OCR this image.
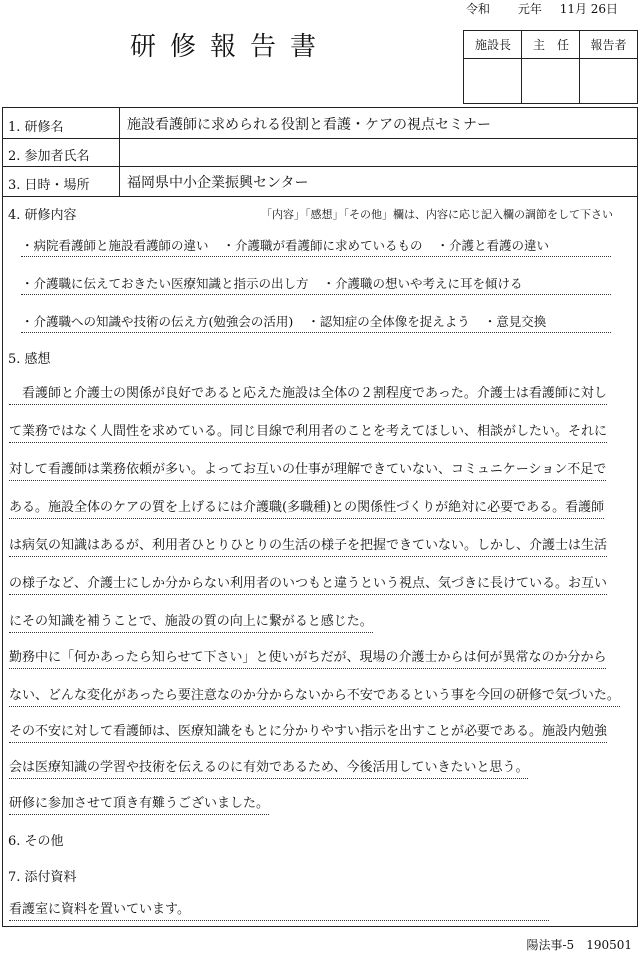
令和 元年 11月 26日
研修報告書	施設長	主　任	報告者
1. 研修名	施設看護師に求められる役割と看護・ケアの視点セミナー
2. 参加者氏名
3. 日時・場所	福岡県中小企業振興センター
4. 研修内容	「内容」「感想」「その他」欄は、内容に応じ記入欄の調節をして下さい
・病院看護師と施設看護師の違い ・介護職が看護師に求めているもの ・介護と看護の違い
・介護職に伝えておきたい医療知識と指示の出し方 ・介護職の想いや考えに耳を傾ける
・介護職への知識や技術の伝え方(勉強会の活用) ・認知症の全体像を捉えよう ・意見交換
5. 感想
　看護師と介護士の関係が良好であると応えた施設は全体の２割程度であった。介護士は看護師に対し
て業務ではなく人間性を求めている。同じ目線で利用者のことを考えてほしい、相談がしたい。それに
対して看護師は業務依頼が多い。よってお互いの仕事が理解できていない、コミュニケーション不足で
ある。施設全体のケアの質を上げるには介護職(多職種)との関係性づくりが絶対に必要である。看護師
は病気の知識はあるが、利用者ひとりひとりの生活の様子を把握できていない。しかし、介護士は生活
の様子など、介護士にしか分からない利用者のいつもと違うという視点、気づきに長けている。お互い
にその知識を補うことで、施設の質の向上に繋がると感じた。
勤務中に「何かあったら知らせて下さい」と使いがちだが、現場の介護士からは何が異常なのか分から
ない、どんな変化があったら要注意なのか分からないから不安であるという事を今回の研修で気づいた。
その不安に対して看護師は、医療知識をもとに分かりやすい指示を出すことが必要である。施設内勉強
会は医療知識の学習や技術を伝えるのに有効であるため、今後活用していきたいと思う。
研修に参加させて頂き有難うございました。
6. その他
7. 添付資料
看護室に資料を置いています。
陽法事-5　190501
